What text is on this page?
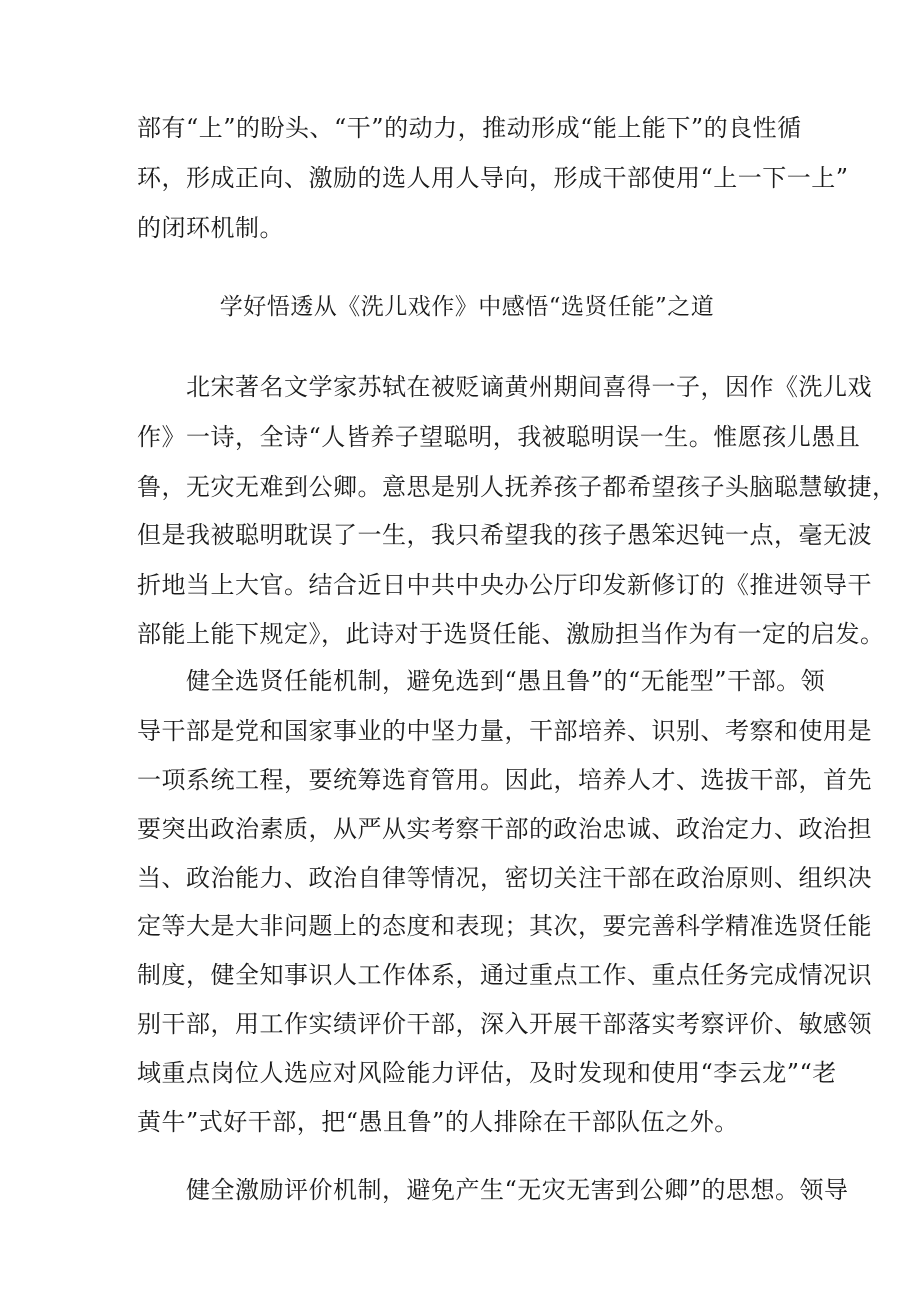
部有“上”的盼头、“干”的动力，推动形成“能上能下”的良性循
环，形成正向、激励的选人用人导向，形成干部使用“上一下一上”
的闭环机制。
学好悟透从《洗儿戏作》中感悟“选贤任能”之道
北宋著名文学家苏轼在被贬谪黄州期间喜得一子，因作《洗儿戏
作》一诗，全诗“人皆养子望聪明，我被聪明误一生。惟愿孩儿愚且
鲁，无灾无难到公卿。意思是别人抚养孩子都希望孩子头脑聪慧敏捷，
但是我被聪明耽误了一生，我只希望我的孩子愚笨迟钝一点，毫无波
折地当上大官。结合近日中共中央办公厅印发新修订的《推进领导干
部能上能下规定》，此诗对于选贤任能、激励担当作为有一定的启发。
健全选贤任能机制，避免选到“愚且鲁”的“无能型”干部。领
导干部是党和国家事业的中坚力量，干部培养、识别、考察和使用是
一项系统工程，要统筹选育管用。因此，培养人才、选拔干部，首先
要突出政治素质，从严从实考察干部的政治忠诚、政治定力、政治担
当、政治能力、政治自律等情况，密切关注干部在政治原则、组织决
定等大是大非问题上的态度和表现；其次，要完善科学精准选贤任能
制度，健全知事识人工作体系，通过重点工作、重点任务完成情况识
别干部，用工作实绩评价干部，深入开展干部落实考察评价、敏感领
域重点岗位人选应对风险能力评估，及时发现和使用“李云龙”“老
黄牛”式好干部，把“愚且鲁”的人排除在干部队伍之外。
健全激励评价机制，避免产生“无灾无害到公卿”的思想。领导
